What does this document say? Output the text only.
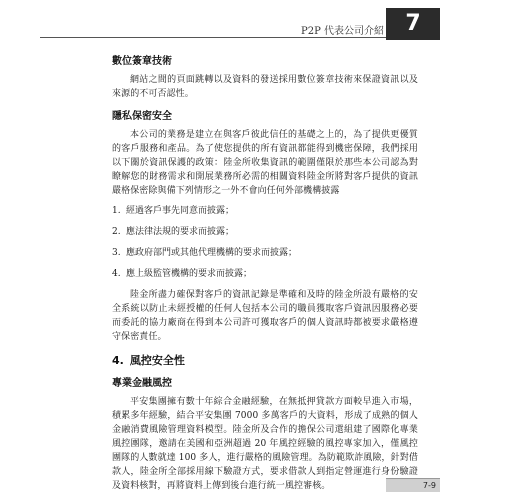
P2P 代表公司介紹 7
數位簽章技術

網站之間的頁面跳轉以及資料的發送採用數位簽章技術來保證資訊以及來源的不可否認性。

隱私保密安全

本公司的業務是建立在與客戶彼此信任的基礎之上的，為了提供更優質的客戶服務和產品。為了使您提供的所有資訊都能得到機密保障，我們採用以下關於資訊保護的政策：陸金所收集資訊的範圍僅限於那些本公司認為對瞭解您的財務需求和開展業務所必需的相關資料陸金所將對客戶提供的資訊嚴格保密除與備下列情形之一外不會向任何外部機構披露

1. 經過客戶事先同意而披露；
2. 應法律法規的要求而披露；
3. 應政府部門或其他代理機構的要求而披露；
4. 應上級監管機構的要求而披露；

陸金所盡力確保對客戶的資訊記錄是準確和及時的陸金所設有嚴格的安全系統以防止未經授權的任何人包括本公司的職員獲取客戶資訊因服務必要而委託的協力廠商在得到本公司許可獲取客戶的個人資訊時都被要求嚴格遵守保密責任。

4. 風控安全性
專業金融風控

平安集團擁有數十年綜合金融經驗，在無抵押貸款方面較早進入市場，積累多年經驗，結合平安集團 7000 多萬客戶的大資料，形成了成熟的個人金融消費風險管理資料模型。陸金所及合作的擔保公司還組建了國際化專業風控團隊，邀請在美國和亞洲超過 20 年風控經驗的風控專家加入，僅風控團隊的人數就達 100 多人，進行嚴格的風險管理。為防範欺詐風險，針對借款人，陸金所全部採用線下驗證方式，要求借款人到指定營運進行身份驗證及資料核對，再將資料上傳到後台進行統一風控審核。	7-9
